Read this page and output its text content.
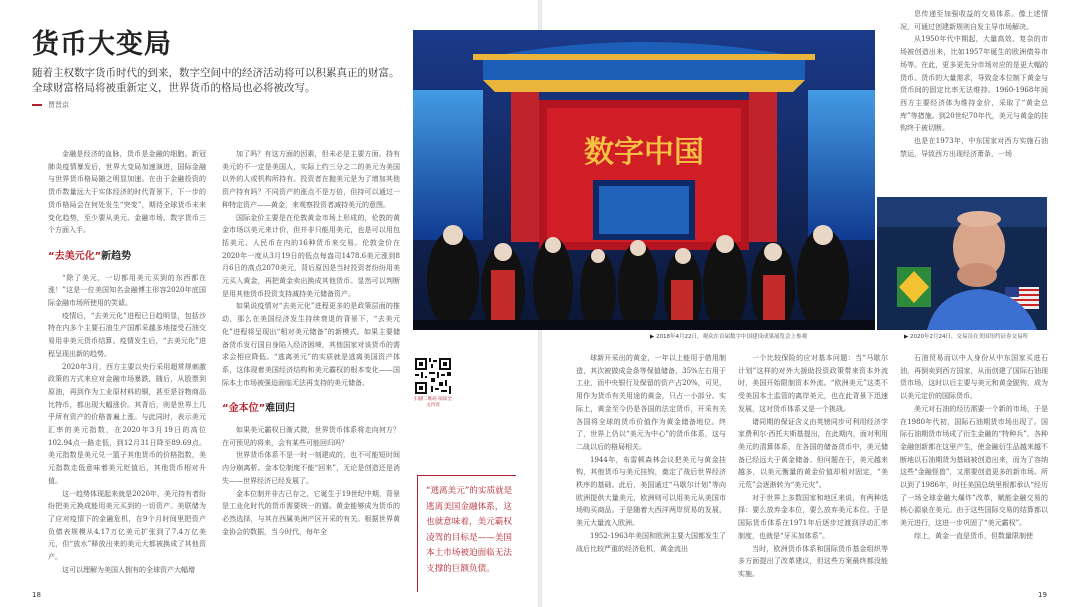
货币大变局
随着主权数字货币时代的到来，数字空间中的经济活动将可以积累真正的财富。全球财富格局将被重新定义，世界货币的格局也必将被改写。
贾晋京

金融是经济的血脉，货币是金融的细胞。新冠肺炎疫情暴发后，世界大变局加速演进，国际金融与世界货币格局随之明显加速。在由于金融投资的货币数量远大于实体经济的时代背景下，下一步的货币格局会在何处发生“突变”，期待全球货币未来变化趋势，至少要从美元、金融市场、数字货币三个方面入手。

“去美元化”新趋势

“除了美元，一切都用美元买到的东西都在涨！”这是一位美国知名金融博主形容2020年底国际金融市场所使用的笑谑。

疫情后，“去美元化”进程已日趋明显，包括沙特在内多个主要石油生产国都采越多地接受石油交易用非美元货币结算。疫情发生后，“去美元化”进程呈现出新的趋势。

2020年3月，西方主要以央行采用超常规刺激政策的方式来应对金融市场暴跌，随后，从股票到原油，再到作为工业原材料的铜，甚至是谷物商品比特币，都出现大幅涨价。其背后，则是世界上几乎所有资产的价格普遍上涨。与此同时，表示美元汇率的美元指数，在2020年3月19日的高位102.94点一路走低，到12月31日降至89.69点。美元指数是美元兑一篮子其他货币的价格指数，美元指数走低意味着美元贬值后，其他货币相对升值。

这一趋势体现起来就是2020年，美元持有者纷纷把美元换成能用美元买到的一切资产。美联储为了应对疫情下的金融危机，在9个月时间里把资产负债表规模从4.17万亿美元扩张到了7.4万亿美元，但“放水”释放出来的美元大都被换成了其他资产。

这可以理解为美国人拥有的全球资产大幅增

加了吗？有这方面的因素，但未必是主要方面。持有美元的不一定是美国人，实际上约三分之二的美元为美国以外的人或机构所持有。投资者在抛美元是为了增加其他资产持有吗？不同资产的涨点不是万倍，但持可以通过一种特定资产——黄金，来观察投资者减持美元的意图。

国际金价主要是在伦敦黄金市场上形成的，伦敦的黄金市场以美元来计价，但并非只能用美元，也是可以用包括美元、人民币在内的16种货币来交易。伦敦金价在2020年一度从3月19日的低点每盎司1478.6美元涨到8月6日的高点2070美元，背后原因是当时投资者纷纷用美元买入黄金，再把黄金卖出换成其他货币。显然可以判断是用其他货币投资支持减持美元储备资产。

如果说疫情对“去美元化”进程更多的是政策层面的推动，那么在美国经济发生持续衰退的背景下，“去美元化”进程将呈现出“相对美元储备”的新模式。如果主要储备货币发行国自身陷入经济困境，其他国家对该货币的需求会相应降低。“逃离美元”的实质就是逃离美国资产体系，这体现着美国经济结构和美元霸权的根本变化——国际本土市场被强迫面临无法再支持的美元储备。

“金本位”难回归

如果美元霸权日渐式微，世界货币体系将走向何方？在可预见的将来，会有某些可能回归吗？

世界货币体系不是一时一刻建成的，也不可能短时间内分崩离析。金本位制度不能“回来”，无论是创造还是消失——世界经济已经发展了。

金本位制并非古已存之，它诞生于19世纪中期，背景是工业化时代的货币需要统一的锚。黄金能够成为货币的必然选择，与其在西属美洲产区开采的有关。根据世界黄金协会的数据，当今时代，每年全

数字中国
▶ 2018年4月22日，观众在首届数字中国建设成果展览会上参观	▶ 2020年2月24日，交易员在美国纽约证券交易所
扫描二维码 阅读全文内容
“逃离美元”的实质就是逃离美国金融体系，这也就意味着，美元霸权凌驾的目标是——美国本土市场被迫面临无法支撑的巨额负债。

球新开采出的黄金，一年以上能用于借用制造，其次被做成金条等保值储备，35%左右用于工业，而中央银行及保留的资产占20%，可见，用作为货币有关用途的黄金，只占一小部分。实际上，黄金至今仍是各国的法定货币，开采有关各国将全球的货币价值作为黄金储备地位。终了，世界上仍以“美元为中心”的货币体系，这与二战以后的格局相关。

1944年，布雷顿森林会议把美元与黄金挂钩，其他货币与美元挂钩，奠定了战后世界经济秩序的基础。此后，美国通过“马歇尔计划”等向欧洲提供大量美元，欧洲则可以用美元从美国市场购买商品。于是随着大西洋两岸贸易的发展，美元大量流入欧洲。

1952-1963年美国和欧洲主要大国都发生了战后比较严重的经济危机，黄金流出

一个比较保险的应对基本问题：当“马歇尔计划”这样的对外大援助投资政策带来资本外流时，美国开始限制资本外流。“欧洲美元”这类不受美国本土监管的离岸美元，也在此背景下迅速发展，这对货币体系又是一个挑战。

诸同期的保证含义由英镑同步可利用经济学家费利尔·西托夫斯基提出，在此期内，面对利用美元的清算体系，在各国的储备货币中，美元储备已经远大于黄金储备。但问题在于，美元越来越多，以美元衡量的黄金价值却相对固定，“美元荒”会逐渐转为“美元灾”。

对于世界上多数国家和地区来说，有两种选择：要么放弃金本位，要么放弃美元本位。于是国际货币体系在1971年后逐步过渡到浮动汇率制度，也就是“牙买加体系”。

当时，欧洲货币体系和国际货币基金组织等多方面提出了改革建议，但这些方案最终都没能实施。

息传递至加强收益的交易体系。像上述情况，可通过创建新规则自发主导市场解决。

从1950年代中期起，大量高效、复杂的市场被创造出来，比如1957年诞生的欧洲债券市场等。在此，更多更先分市场对应的是更大幅的货币。货币的大量需求，导致金本位制下黄金与货币间的固定比率无法维持。1960-1968年间西方主要经济体为维持金价，采取了“黄金总库”等措施。到20世纪70年代，美元与黄金的挂钩终于被切断。

也是在1973年，中东国家对西方实施石油禁运，导致西方出现经济萧条，一场

石油贸易而以中人身份从中东国家买进石油，再倒卖到西方国家，从而创建了国际石油现货市场，这时以后主要与美元和黄金脱钩，成为以美元定价的国际货币。

美元对石油的经历需要一个新的市场，于是在1980年代初，国际石油期货市场出现了。国际石油期货市场成了衍生金融的“特种兵”，各种金融创新都在这里产生，使金融衍生品越来越不断地以石油期货为基础被创造出来，而为了容纳这些“金融怪兽”，又需要创造更多的新市场。所以到了1986年，时任美国总统里根都承认“经历了一场全球金融大爆炸”改革，赋能金融交易的核心源泉在美元。由于这些国际交易的结算都以美元进行，这进一步巩固了“美元霸权”。

综上，黄金一直是货币，但数量限制使

18	19
